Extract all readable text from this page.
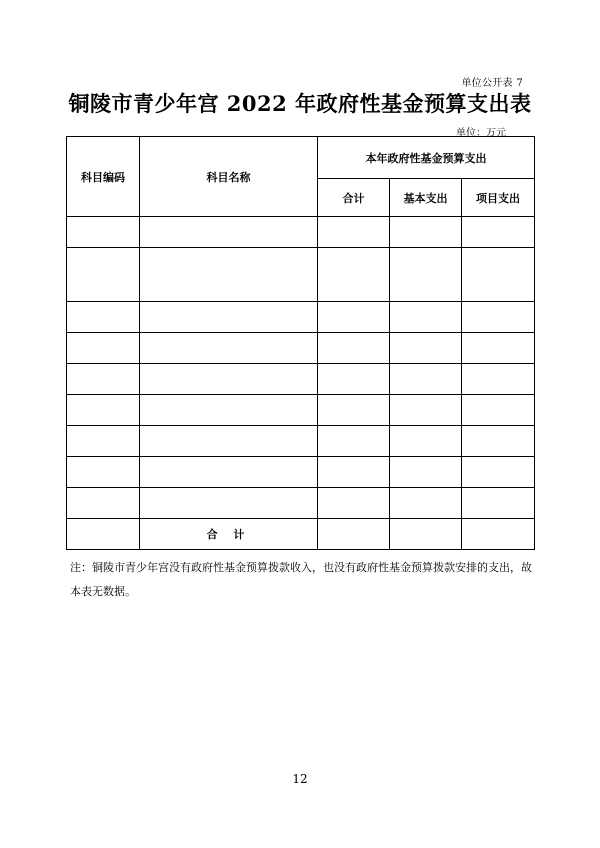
单位公开表 7
铜陵市青少年宫 2022 年政府性基金预算支出表
单位：万元
科目编码	科目名称	本年政府性基金预算支出		
		合计	基本支出	项目支出

	合 计			
注：铜陵市青少年宫没有政府性基金预算拨款收入，也没有政府性基金预算拨款安排的支出，故本表无数据。
12
